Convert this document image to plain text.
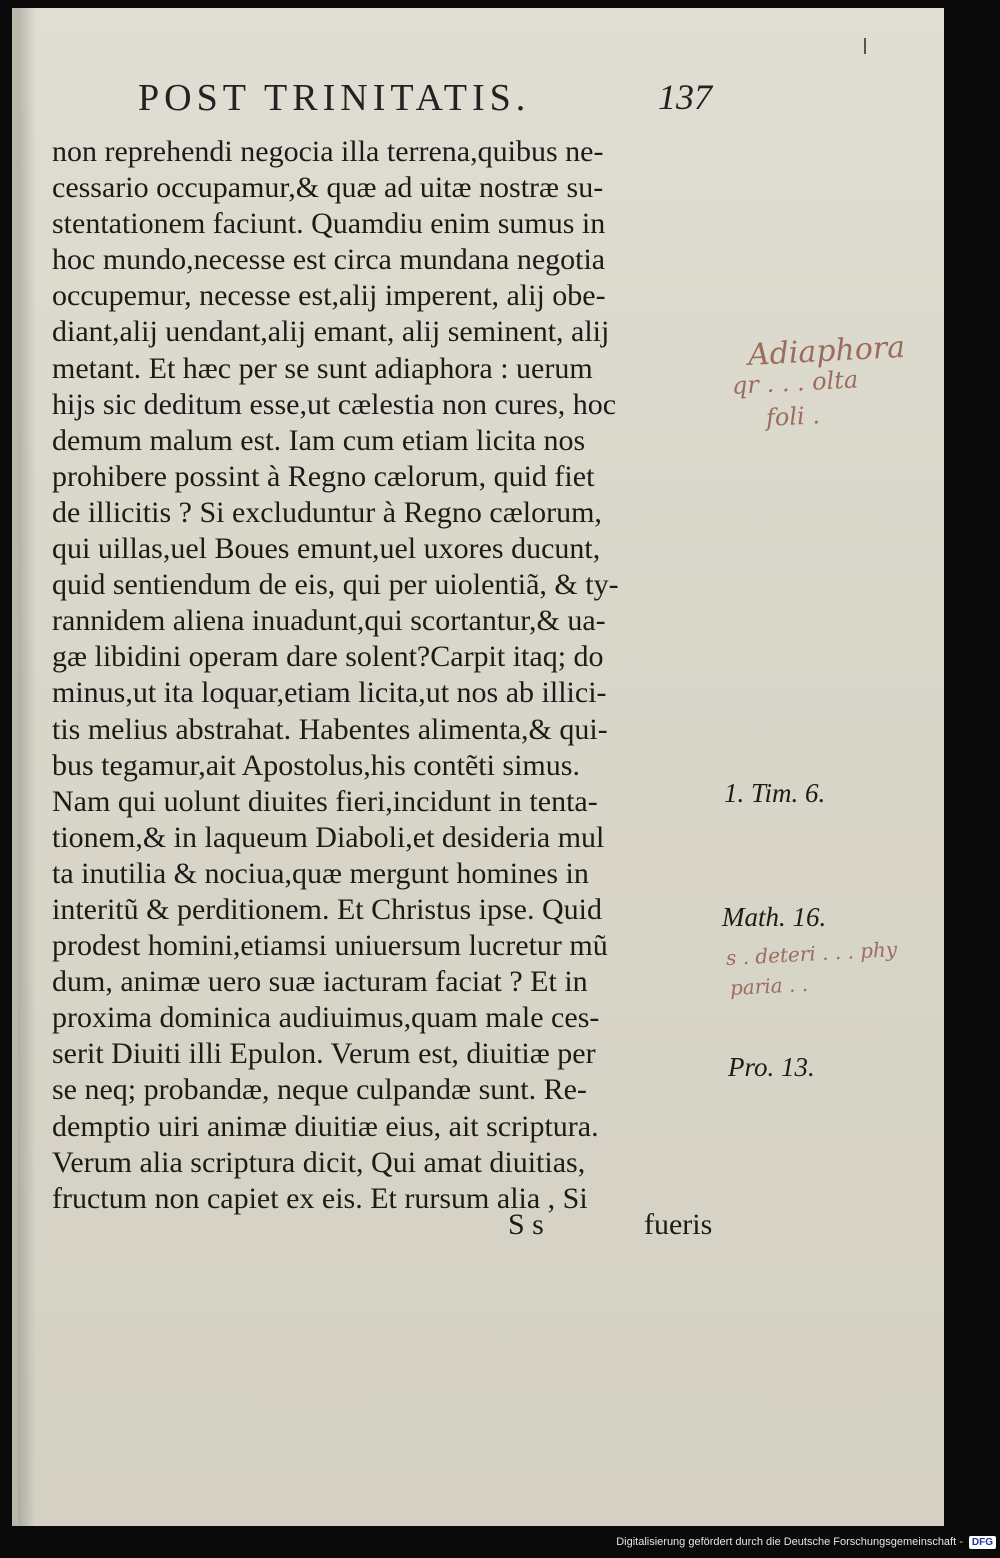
POST TRINITATIS.	137
non reprehendi negocia illa terrena,quibus ne-
cessario occupamur,& quæ ad uitæ nostræ su-
stentationem faciunt. Quamdiu enim sumus in
hoc mundo,necesse est circa mundana negotia
occupemur, necesse est,alij imperent, alij obe-
diant,alij uendant,alij emant, alij seminent, alij
metant. Et hæc per se sunt adiaphora : uerum
hijs sic deditum esse,ut cælestia non cures, hoc
demum malum est. Iam cum etiam licita nos
prohibere possint à Regno cælorum, quid fiet
de illicitis ? Si excluduntur à Regno cælorum,
qui uillas,uel Boues emunt,uel uxores ducunt,
quid sentiendum de eis, qui per uiolentiã, & ty-
rannidem aliena inuadunt,qui scortantur,& ua-
gæ libidini operam dare solent?Carpit itaq; do
minus,ut ita loquar,etiam licita,ut nos ab illici-
tis melius abstrahat. Habentes alimenta,& qui-
bus tegamur,ait Apostolus,his contẽti simus.
Nam qui uolunt diuites fieri,incidunt in tenta-
tionem,& in laqueum Diaboli,et desideria mul
ta inutilia & nociua,quæ mergunt homines in
interitũ & perditionem. Et Christus ipse. Quid
prodest homini,etiamsi uniuersum lucretur mũ
dum, animæ uero suæ iacturam faciat ? Et in
proxima dominica audiuimus,quam male ces-
serit Diuiti illi Epulon. Verum est, diuitiæ per
se neq; probandæ, neque culpandæ sunt. Re-
demptio uiri animæ diuitiæ eius, ait scriptura.
Verum alia scriptura dicit, Qui amat diuitias,
fructum non capiet ex eis. Et rursum alia , Si
S s	fueris
1. Tim. 6.
Math. 16.
Pro. 13.
Adiaphora
qr . . . olta
foli .
s . deteri . . . phy
paria . .
Digitalisierung gefördert durch die Deutsche Forschungsgemeinschaft - DFG
